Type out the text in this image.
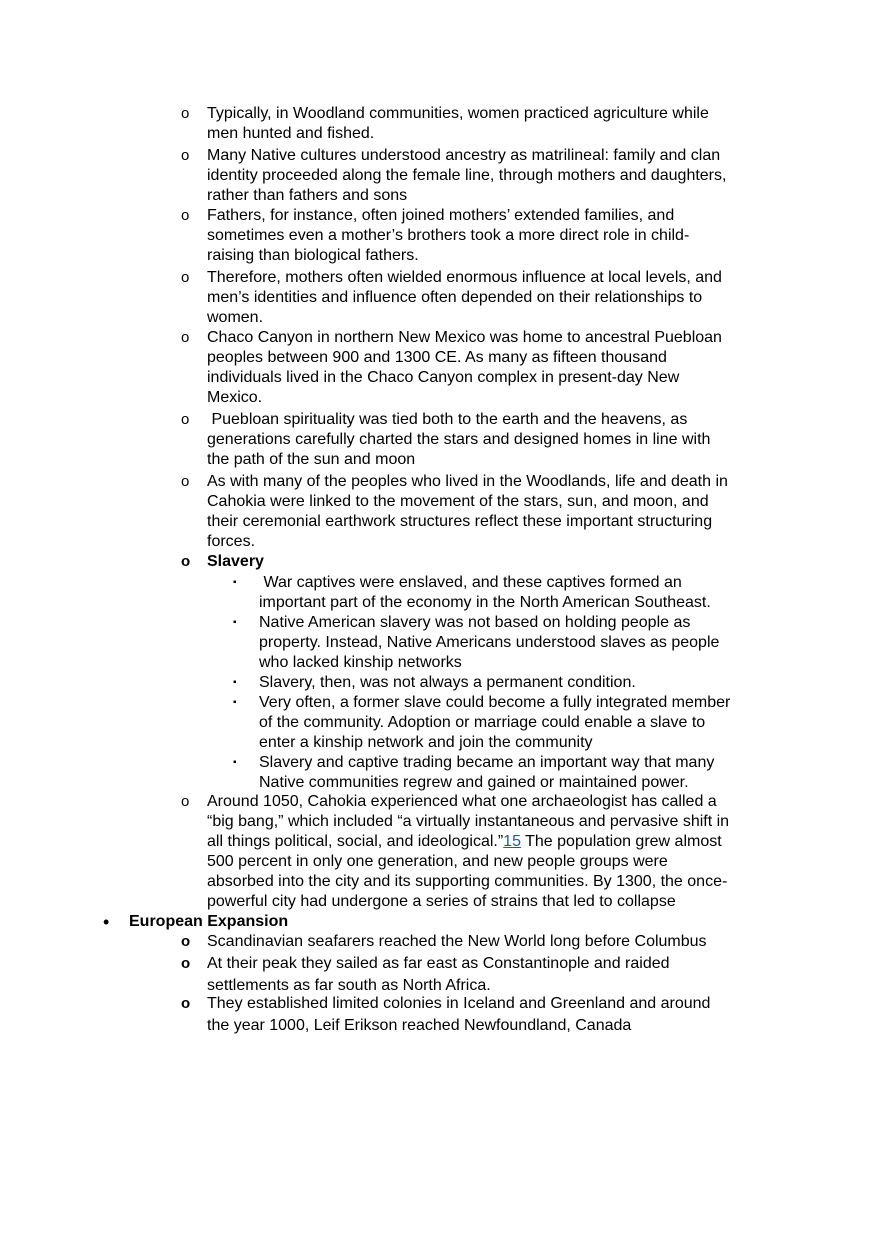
o Typically, in Woodland communities, women practiced agriculture while
men hunted and fished.
o Many Native cultures understood ancestry as matrilineal: family and clan
identity proceeded along the female line, through mothers and daughters,
rather than fathers and sons
o Fathers, for instance, often joined mothers’ extended families, and
sometimes even a mother’s brothers took a more direct role in child-
raising than biological fathers.
o Therefore, mothers often wielded enormous influence at local levels, and
men’s identities and influence often depended on their relationships to
women.
o Chaco Canyon in northern New Mexico was home to ancestral Puebloan
peoples between 900 and 1300 CE. As many as fifteen thousand
individuals lived in the Chaco Canyon complex in present-day New
Mexico.
o Puebloan spirituality was tied both to the earth and the heavens, as
generations carefully charted the stars and designed homes in line with
the path of the sun and moon
o As with many of the peoples who lived in the Woodlands, life and death in
Cahokia were linked to the movement of the stars, sun, and moon, and
their ceremonial earthwork structures reflect these important structuring
forces.
o Slavery
▪ War captives were enslaved, and these captives formed an
important part of the economy in the North American Southeast.
▪ Native American slavery was not based on holding people as
property. Instead, Native Americans understood slaves as people
who lacked kinship networks
▪ Slavery, then, was not always a permanent condition.
▪ Very often, a former slave could become a fully integrated member
of the community. Adoption or marriage could enable a slave to
enter a kinship network and join the community
▪ Slavery and captive trading became an important way that many
Native communities regrew and gained or maintained power.
o Around 1050, Cahokia experienced what one archaeologist has called a
“big bang,” which included “a virtually instantaneous and pervasive shift in
all things political, social, and ideological.”15 The population grew almost
500 percent in only one generation, and new people groups were
absorbed into the city and its supporting communities. By 1300, the once-
powerful city had undergone a series of strains that led to collapse
• European Expansion
o Scandinavian seafarers reached the New World long before Columbus
o At their peak they sailed as far east as Constantinople and raided
settlements as far south as North Africa.
o They established limited colonies in Iceland and Greenland and around
the year 1000, Leif Erikson reached Newfoundland, Canada
